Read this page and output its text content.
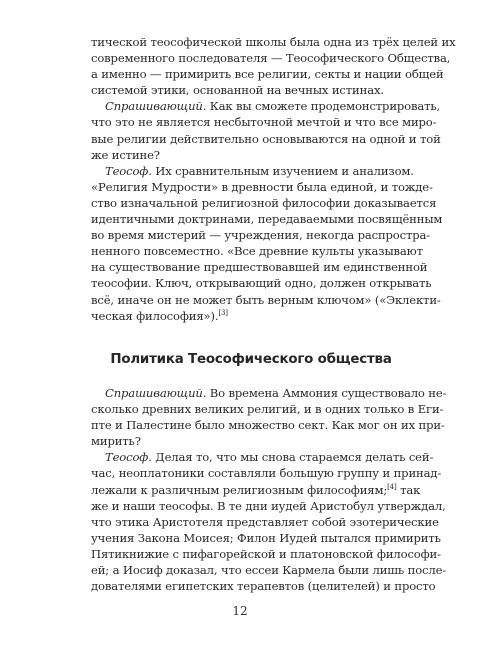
тической теософической школы была одна из трёх целей их
современного последователя — Теософического Общества,
а именно — примирить все религии, секты и нации общей
системой этики, основанной на вечных истинах.
Спрашивающий. Как вы сможете продемонстрировать,
что это не является несбыточной мечтой и что все миро-
вые религии действительно основываются на одной и той
же истине?
Теософ. Их сравнительным изучением и анализом.
«Религия Мудрости» в древности была единой, и тожде-
ство изначальной религиозной философии доказывается
идентичными доктринами, передаваемыми посвящённым
во время мистерий — учреждения, некогда распростра-
ненного повсеместно. «Все древние культы указывают
на существование предшествовавшей им единственной
теософии. Ключ, открывающий одно, должен открывать
всё, иначе он не может быть верным ключом» («Эклекти-
ческая философия»).[3]
Политика Теософического общества
Спрашивающий. Во времена Аммония существовало не-
сколько древних великих религий, и в одних только в Еги-
пте и Палестине было множество сект. Как мог он их при-
мирить?
Теософ. Делая то, что мы снова стараемся делать сей-
час, неоплатоники составляли большую группу и принад-
лежали к различным религиозным философиям;[4] так
же и наши теософы. В те дни иудей Аристобул утверждал,
что этика Аристотеля представляет собой эзотерические
учения Закона Моисея; Филон Иудей пытался примирить
Пятикнижие с пифагорейской и платоновской философи-
ей; а Иосиф доказал, что ессеи Кармела были лишь после-
дователями египетских терапевтов (целителей) и просто
12
